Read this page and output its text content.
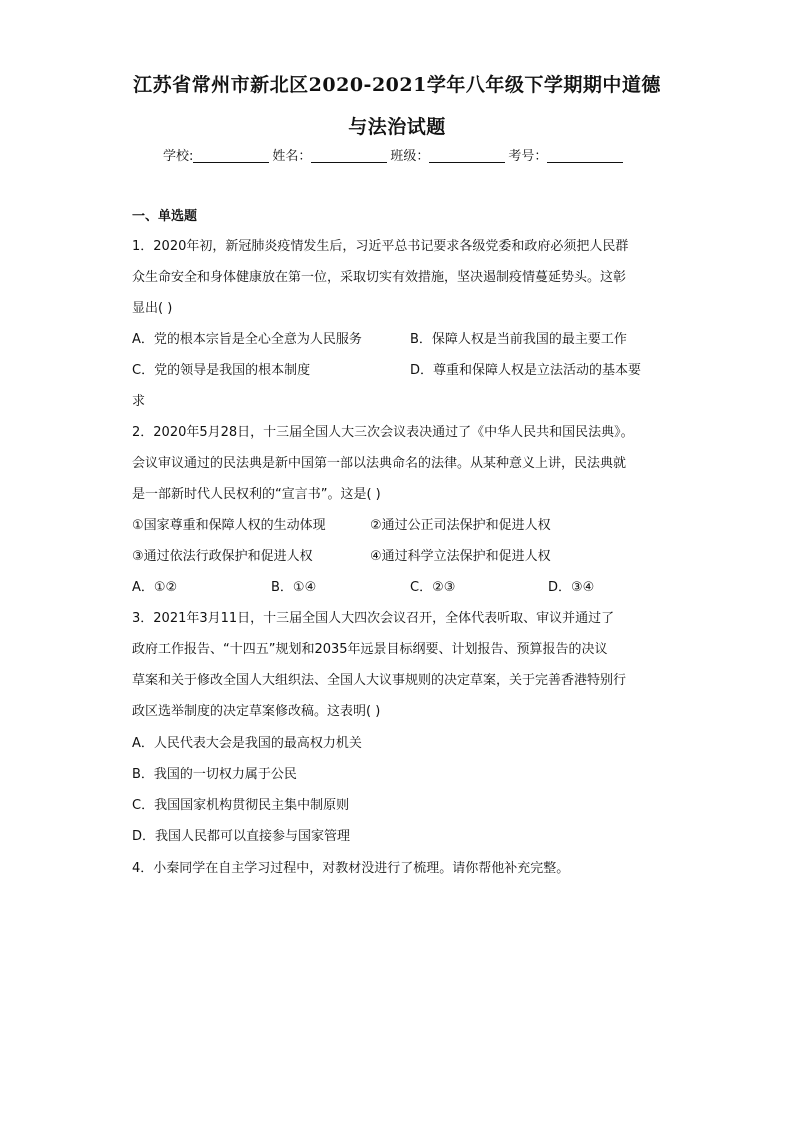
江苏省常州市新北区2020-2021学年八年级下学期期中道德
与法治试题
学校:	姓名：	班级：	考号：
一、单选题
1．2020年初，新冠肺炎疫情发生后，习近平总书记要求各级党委和政府必须把人民群
众生命安全和身体健康放在第一位，采取切实有效措施，坚决遏制疫情蔓延势头。这彰
显出( )
A．党的根本宗旨是全心全意为人民服务	B．保障人权是当前我国的最主要工作
C．党的领导是我国的根本制度	D．尊重和保障人权是立法活动的基本要
求
2．2020年5月28日，十三届全国人大三次会议表决通过了《中华人民共和国民法典》。
会议审议通过的民法典是新中国第一部以法典命名的法律。从某种意义上讲，民法典就
是一部新时代人民权利的“宣言书”。这是( )
①国家尊重和保障人权的生动体现	②通过公正司法保护和促进人权
③通过依法行政保护和促进人权	④通过科学立法保护和促进人权
A．①②	B．①④	C．②③	D．③④
3．2021年3月11日，十三届全国人大四次会议召开，全体代表听取、审议并通过了
政府工作报告、“十四五”规划和2035年远景目标纲要、计划报告、预算报告的决议
草案和关于修改全国人大组织法、全国人大议事规则的决定草案，关于完善香港特别行
政区选举制度的决定草案修改稿。这表明( )
A．人民代表大会是我国的最高权力机关
B．我国的一切权力属于公民
C．我国国家机构贯彻民主集中制原则
D．我国人民都可以直接参与国家管理
4．小秦同学在自主学习过程中，对教材没进行了梳理。请你帮他补充完整。
